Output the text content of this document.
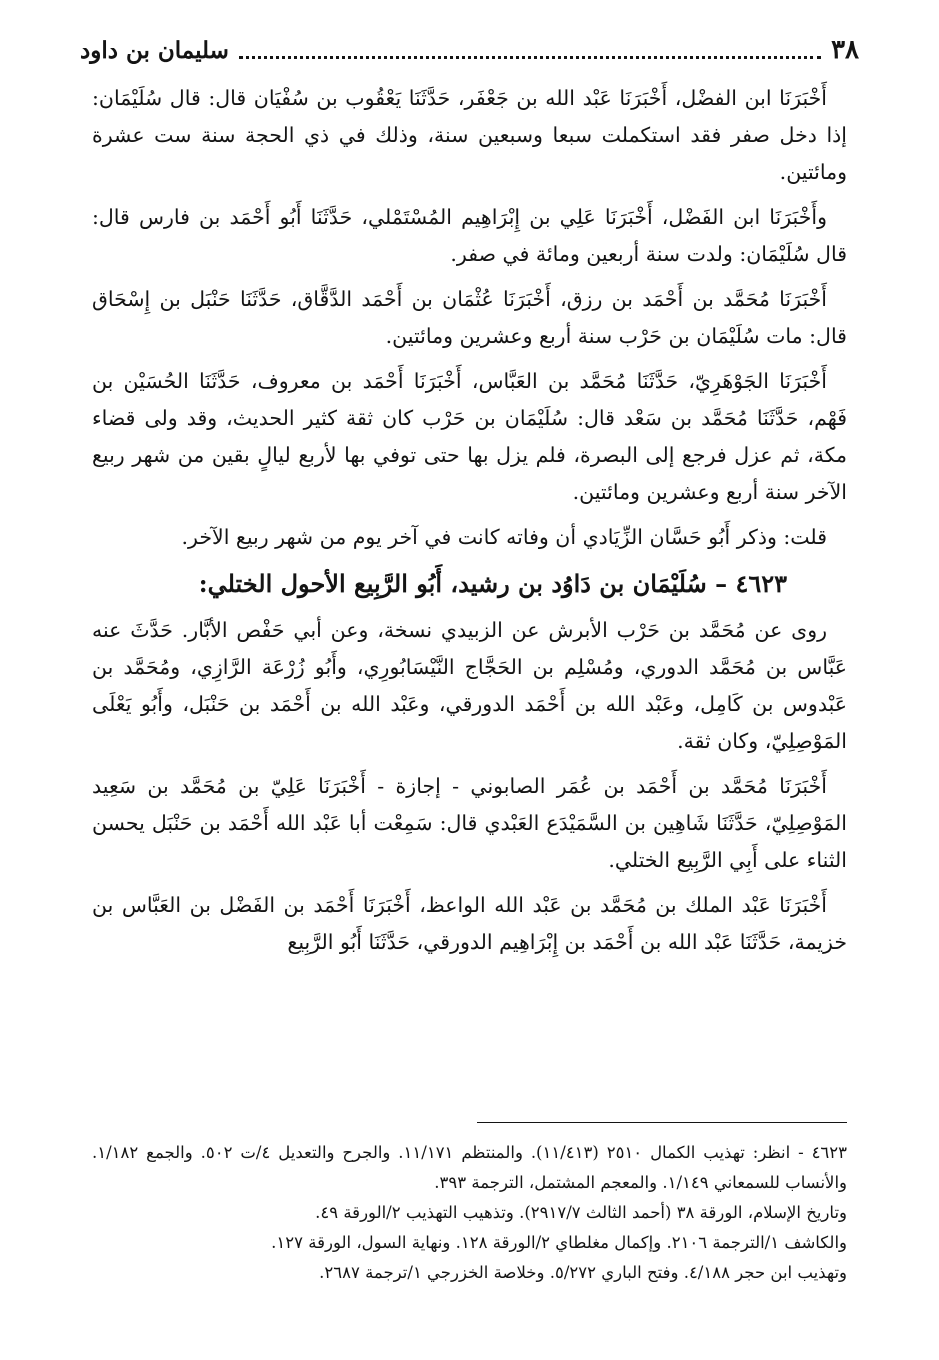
٣٨
سليمان بن داود

أَخْبَرَنَا ابن الفضْل، أَخْبَرَنَا عَبْد الله بن جَعْفَر، حَدَّثَنَا يَعْقُوب بن سُفْيَان قال: قال سُلَيْمَان: إذا دخل صفر فقد استكملت سبعا وسبعين سنة، وذلك في ذي الحجة سنة ست عشرة ومائتين.

وأَخْبَرَنَا ابن الفَضْل، أَخْبَرَنَا عَلِي بن إِبْرَاهِيم المُسْتَمْلي، حَدَّثَنَا أَبُو أَحْمَد بن فارس قال: قال سُلَيْمَان: ولدت سنة أربعين ومائة في صفر.

أَخْبَرَنَا مُحَمَّد بن أَحْمَد بن رزق، أَخْبَرَنَا عُثْمَان بن أَحْمَد الدَّقَّاق، حَدَّثَنَا حَنْبَل بن إِسْحَاق قال: مات سُلَيْمَان بن حَرْب سنة أربع وعشرين ومائتين.

أَخْبَرَنَا الجَوْهَرِيّ، حَدَّثَنَا مُحَمَّد بن العَبَّاس، أَخْبَرَنَا أَحْمَد بن معروف، حَدَّثَنَا الحُسَيْن بن فَهْم، حَدَّثَنَا مُحَمَّد بن سَعْد قال: سُلَيْمَان بن حَرْب كان ثقة كثير الحديث، وقد ولى قضاء مكة، ثم عزل فرجع إلى البصرة، فلم يزل بها حتى توفي بها لأربع ليالٍ بقين من شهر ربيع الآخر سنة أربع وعشرين ومائتين.

قلت: وذكر أَبُو حَسَّان الزِّيَادي أن وفاته كانت في آخر يوم من شهر ربيع الآخر.

٤٦٢٣ – سُلَيْمَان بن دَاوُد بن رشيد، أَبُو الرَّبِيع الأحول الختلي:

روى عن مُحَمَّد بن حَرْب الأبرش عن الزبيدي نسخة، وعن أبي حَفْص الأبَّار. حَدَّثَ عنه عَبَّاس بن مُحَمَّد الدوري، ومُسْلِم بن الحَجَّاج النَّيْسَابُورِي، وأَبُو زُرْعَة الرَّازِي، ومُحَمَّد بن عَبْدوس بن كَامِل، وعَبْد الله بن أَحْمَد الدورقي، وعَبْد الله بن أَحْمَد بن حَنْبَل، وأَبُو يَعْلَى المَوْصِلِيّ، وكان ثقة.

أَخْبَرَنَا مُحَمَّد بن أَحْمَد بن عُمَر الصابوني - إجازة - أَخْبَرَنَا عَلِيّ بن مُحَمَّد بن سَعِيد المَوْصِلِيّ، حَدَّثَنَا شَاهِين بن السَّمَيْدَع العَبْدي قال: سَمِعْت أبا عَبْد الله أَحْمَد بن حَنْبَل يحسن الثناء على أَبِي الرَّبِيع الختلي.

أَخْبَرَنَا عَبْد الملك بن مُحَمَّد بن عَبْد الله الواعظ، أَخْبَرَنَا أَحْمَد بن الفَضْل بن العَبَّاس بن خزيمة، حَدَّثَنَا عَبْد الله بن أَحْمَد بن إِبْرَاهِيم الدورقي، حَدَّثَنَا أَبُو الرَّبِيع

٤٦٢٣ - انظر: تهذيب الكمال ٢٥١٠ (١١/٤١٣). والمنتظم ١١/١٧١. والجرح والتعديل ٤/ت ٥٠٢. والجمع ١/١٨٢. والأنساب للسمعاني ١/١٤٩. والمعجم المشتمل، الترجمة ٣٩٣.

وتاريخ الإسلام، الورقة ٣٨ (أحمد الثالث ٢٩١٧/٧). وتذهيب التهذيب ٢/الورقة ٤٩.

والكاشف ١/الترجمة ٢١٠٦. وإكمال مغلطاي ٢/الورقة ١٢٨. ونهاية السول، الورقة ١٢٧.

وتهذيب ابن حجر ٤/١٨٨. وفتح الباري ٥/٢٧٢. وخلاصة الخزرجي ١/ترجمة ٢٦٨٧.
